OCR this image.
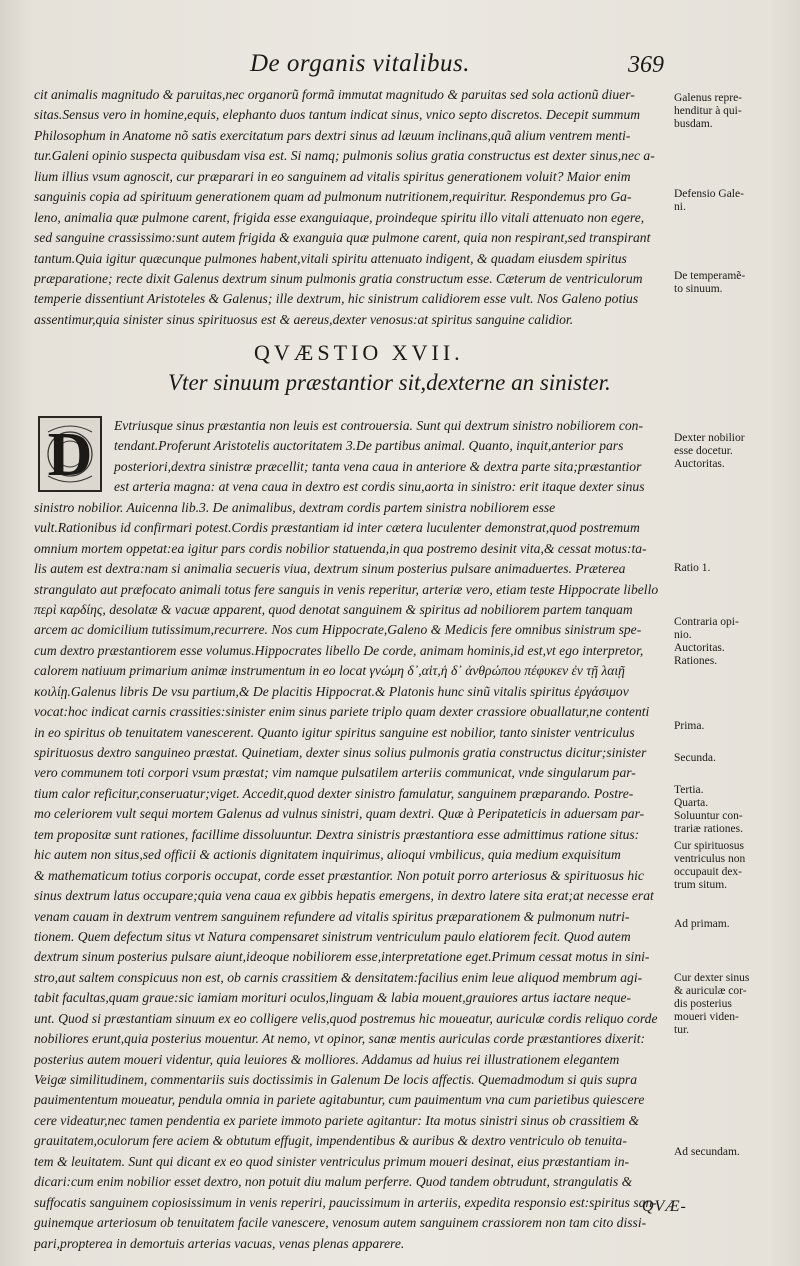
De organis vitalibus.	369
cit animalis magnitudo & paruitas,nec organorũ formã immutat magnitudo & paruitas sed sola actionũ diuer-
sitas.Sensus vero in homine,equis, elephanto duos tantum indicat sinus, vnico septo discretos. Decepit summum
Philosophum in Anatome nõ satis exercitatum pars dextri sinus ad læuum inclinans,quã alium ventrem menti-
tur.Galeni opinio suspecta quibusdam visa est. Si namq; pulmonis solius gratia constructus est dexter sinus,nec a-
lium illius vsum agnoscit, cur præparari in eo sanguinem ad vitalis spiritus generationem voluit? Maior enim
sanguinis copia ad spirituum generationem quam ad pulmonum nutritionem,requiritur. Respondemus pro Ga-
leno, animalia quæ pulmone carent, frigida esse exanguiaque, proindeque spiritu illo vitali attenuato non egere,
sed sanguine crassissimo:sunt autem frigida & exanguia quæ pulmone carent, quia non respirant,sed transpirant
tantum.Quia igitur quæcunque pulmones habent,vitali spiritu attenuato indigent, & quadam eiusdem spiritus
præparatione; recte dixit Galenus dextrum sinum pulmonis gratia constructum esse. Cæterum de ventriculorum
temperie dissentiunt Aristoteles & Galenus; ille dextrum, hic sinistrum calidiorem esse vult. Nos Galeno potius
assentimur,quia sinister sinus spirituosus est & aereus,dexter venosus:at spiritus sanguine calidior.
QVÆSTIO XVII.
Vter sinuum præstantior sit,dexterne an sinister.
D	Evtriusque sinus præstantia non leuis est controuersia. Sunt qui dextrum sinistro nobiliorem con-
tendant.Proferunt Aristotelis auctoritatem 3.De partibus animal. Quanto, inquit,anterior pars
posteriori,dextra sinistræ præcellit; tanta vena caua in anteriore & dextra parte sita;præstantior
est arteria magna: at vena caua in dextro est cordis sinu,aorta in sinistro: erit itaque dexter sinus
sinistro nobilior. Auicenna lib.3. De animalibus, dextram cordis partem sinistra nobiliorem esse
vult.Rationibus id confirmari potest.Cordis præstantiam id inter cætera luculenter demonstrat,quod postremum
omnium mortem oppetat:ea igitur pars cordis nobilior statuenda,in qua postremo desinit vita,& cessat motus:ta-
lis autem est dextra:nam si animalia secueris viua, dextrum sinum posterius pulsare animaduertes. Præterea
strangulato aut præfocato animali totus fere sanguis in venis reperitur, arteriæ vero, etiam teste Hippocrate libello
περὶ καρδίης, desolatæ & vacuæ apparent, quod denotat sanguinem & spiritus ad nobiliorem partem tanquam
arcem ac domicilium tutissimum,recurrere. Nos cum Hippocrate,Galeno & Medicis fere omnibus sinistrum spe-
cum dextro præstantiorem esse volumus.Hippocrates libello De corde, animam hominis,id est,vt ego interpretor,
calorem natiuum primarium animæ instrumentum in eo locat γνώμη δ᾽,αἱτ,ἡ δ᾽ ἀνθρώπου πέφυκεν ἐν τῇ λαιῇ
κοιλίῃ.Galenus libris De vsu partium,& De placitis Hippocrat.& Platonis hunc sinũ vitalis spiritus ἐργάσιμον
vocat:hoc indicat carnis crassities:sinister enim sinus pariete triplo quam dexter crassiore obuallatur,ne contenti
in eo spiritus ob tenuitatem vanescerent. Quanto igitur spiritus sanguine est nobilior, tanto sinister ventriculus
spirituosus dextro sanguineo præstat. Quinetiam, dexter sinus solius pulmonis gratia constructus dicitur;sinister
vero communem toti corpori vsum præstat; vim namque pulsatilem arteriis communicat, vnde singularum par-
tium calor reficitur,conseruatur;viget. Accedit,quod dexter sinistro famulatur, sanguinem præparando. Postre-
mo celeriorem vult sequi mortem Galenus ad vulnus sinistri, quam dextri. Quæ à Peripateticis in aduersam par-
tem propositæ sunt rationes, facillime dissoluuntur. Dextra sinistris præstantiora esse admittimus ratione situs:
hic autem non situs,sed officii & actionis dignitatem inquirimus, alioqui vmbilicus, quia medium exquisitum
& mathematicum totius corporis occupat, corde esset præstantior. Non potuit porro arteriosus & spirituosus hic
sinus dextrum latus occupare;quia vena caua ex gibbis hepatis emergens, in dextro latere sita erat;at necesse erat
venam cauam in dextrum ventrem sanguinem refundere ad vitalis spiritus præparationem & pulmonum nutri-
tionem. Quem defectum situs vt Natura compensaret sinistrum ventriculum paulo elatiorem fecit. Quod autem
dextrum sinum posterius pulsare aiunt,ideoque nobiliorem esse,interpretatione eget.Primum cessat motus in sini-
stro,aut saltem conspicuus non est, ob carnis crassitiem & densitatem:facilius enim leue aliquod membrum agi-
tabit facultas,quam graue:sic iamiam morituri oculos,linguam & labia mouent,grauiores artus iactare neque-
unt. Quod si præstantiam sinuum ex eo colligere velis,quod postremus hic moueatur, auriculæ cordis reliquo corde
nobiliores erunt,quia posterius mouentur. At nemo, vt opinor, sanæ mentis auriculas corde præstantiores dixerit:
posterius autem moueri videntur, quia leuiores & molliores. Addamus ad huius rei illustrationem elegantem
Veigæ similitudinem, commentariis suis doctissimis in Galenum De locis affectis. Quemadmodum si quis supra
pauimententum moueatur, pendula omnia in pariete agitabuntur, cum pauimentum vna cum parietibus quiescere
cere videatur,nec tamen pendentia ex pariete immoto pariete agitantur: Ita motus sinistri sinus ob crassitiem &
grauitatem,oculorum fere aciem & obtutum effugit, impendentibus & auribus & dextro ventriculo ob tenuita-
tem & leuitatem. Sunt qui dicant ex eo quod sinister ventriculus primum moueri desinat, eius præstantiam in-
dicari:cum enim nobilior esset dextro, non potuit diu malum perferre. Quod tandem obtrudunt, strangulatis &
suffocatis sanguinem copiosissimum in venis reperiri, paucissimum in arteriis, expedita responsio est:spiritus san-
guinemque arteriosum ob tenuitatem facile vanescere, venosum autem sanguinem crassiorem non tam cito dissi-
pari,propterea in demortuis arterias vacuas, venas plenas apparere.
Galenus repre-
henditur à qui-
busdam.
Defensio Gale-
ni.
De temperamẽ-
to sinuum.
Dexter nobilior
esse docetur.
Auctoritas.
Ratio 1.
Contraria opi-
nio.
Auctoritas.
Rationes.
Prima.
Secunda.
Tertia.
Quarta.
Soluuntur con-
trariæ rationes.
Cur spirituosus
ventriculus non
occupauit dex-
trum situm.
Ad primam.
Cur dexter sinus
& auriculæ cor-
dis posterius
moueri viden-
tur.
Ad secundam.
QVÆ-
